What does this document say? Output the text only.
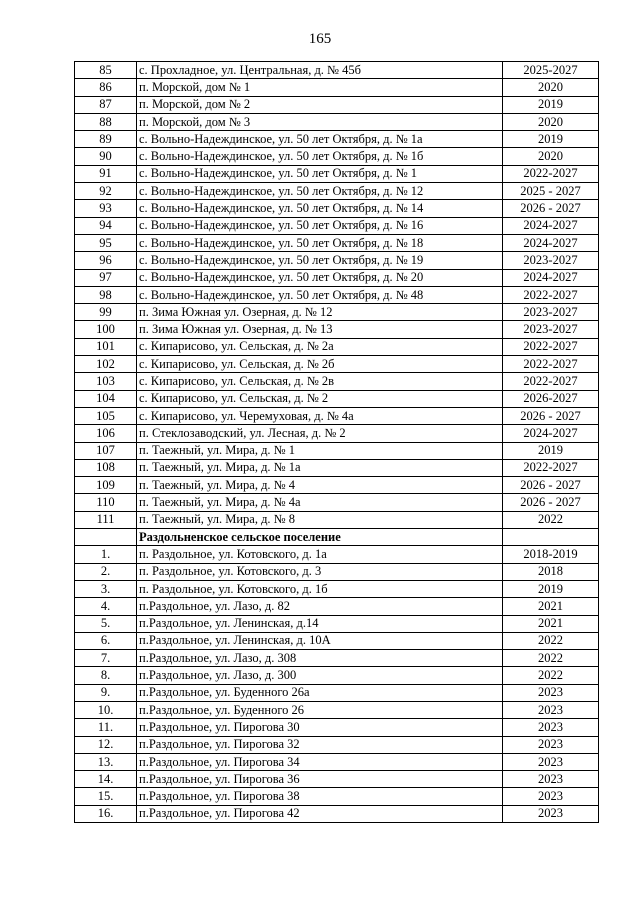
165
85	с. Прохладное, ул. Центральная, д. № 45б	2025-2027
86	п. Морской, дом № 1	2020
87	п. Морской, дом № 2	2019
88	п. Морской, дом № 3	2020
89	с. Вольно-Надеждинское, ул. 50 лет Октября, д. № 1а	2019
90	с. Вольно-Надеждинское, ул. 50 лет Октября, д. № 1б	2020
91	с. Вольно-Надеждинское, ул. 50 лет Октября, д. № 1	2022-2027
92	с. Вольно-Надеждинское, ул. 50 лет Октября, д. № 12	2025 - 2027
93	с. Вольно-Надеждинское, ул. 50 лет Октября, д. № 14	2026 - 2027
94	с. Вольно-Надеждинское, ул. 50 лет Октября, д. № 16	2024-2027
95	с. Вольно-Надеждинское, ул. 50 лет Октября, д. № 18	2024-2027
96	с. Вольно-Надеждинское, ул. 50 лет Октября, д. № 19	2023-2027
97	с. Вольно-Надеждинское, ул. 50 лет Октября, д. № 20	2024-2027
98	с. Вольно-Надеждинское, ул. 50 лет Октября, д. № 48	2022-2027
99	п. Зима Южная ул. Озерная, д. № 12	2023-2027
100	п. Зима Южная ул. Озерная, д. № 13	2023-2027
101	с. Кипарисово, ул. Сельская, д. № 2а	2022-2027
102	с. Кипарисово, ул. Сельская, д. № 2б	2022-2027
103	с. Кипарисово, ул. Сельская, д. № 2в	2022-2027
104	с. Кипарисово, ул. Сельская, д. № 2	2026-2027
105	с. Кипарисово, ул. Черемуховая, д. № 4а	2026 - 2027
106	п. Стеклозаводский, ул. Лесная, д. № 2	2024-2027
107	п. Таежный, ул. Мира, д. № 1	2019
108	п. Таежный, ул. Мира, д. № 1а	2022-2027
109	п. Таежный, ул. Мира, д. № 4	2026 - 2027
110	п. Таежный, ул. Мира, д. № 4а	2026 - 2027
111	п. Таежный, ул. Мира, д. № 8	2022
	Раздольненское сельское поселение	
1.	п. Раздольное, ул. Котовского, д. 1а	2018-2019
2.	п. Раздольное, ул. Котовского, д. 3	2018
3.	п. Раздольное, ул. Котовского, д. 1б	2019
4.	п.Раздольное, ул. Лазо, д. 82	2021
5.	п.Раздольное, ул. Ленинская, д.14	2021
6.	п.Раздольное, ул. Ленинская, д. 10А	2022
7.	п.Раздольное, ул. Лазо, д. 308	2022
8.	п.Раздольное, ул. Лазо, д. 300	2022
9.	п.Раздольное, ул. Буденного 26а	2023
10.	п.Раздольное, ул. Буденного 26	2023
11.	п.Раздольное, ул. Пирогова 30	2023
12.	п.Раздольное, ул. Пирогова 32	2023
13.	п.Раздольное, ул. Пирогова 34	2023
14.	п.Раздольное, ул. Пирогова 36	2023
15.	п.Раздольное, ул. Пирогова 38	2023
16.	п.Раздольное, ул. Пирогова 42	2023
